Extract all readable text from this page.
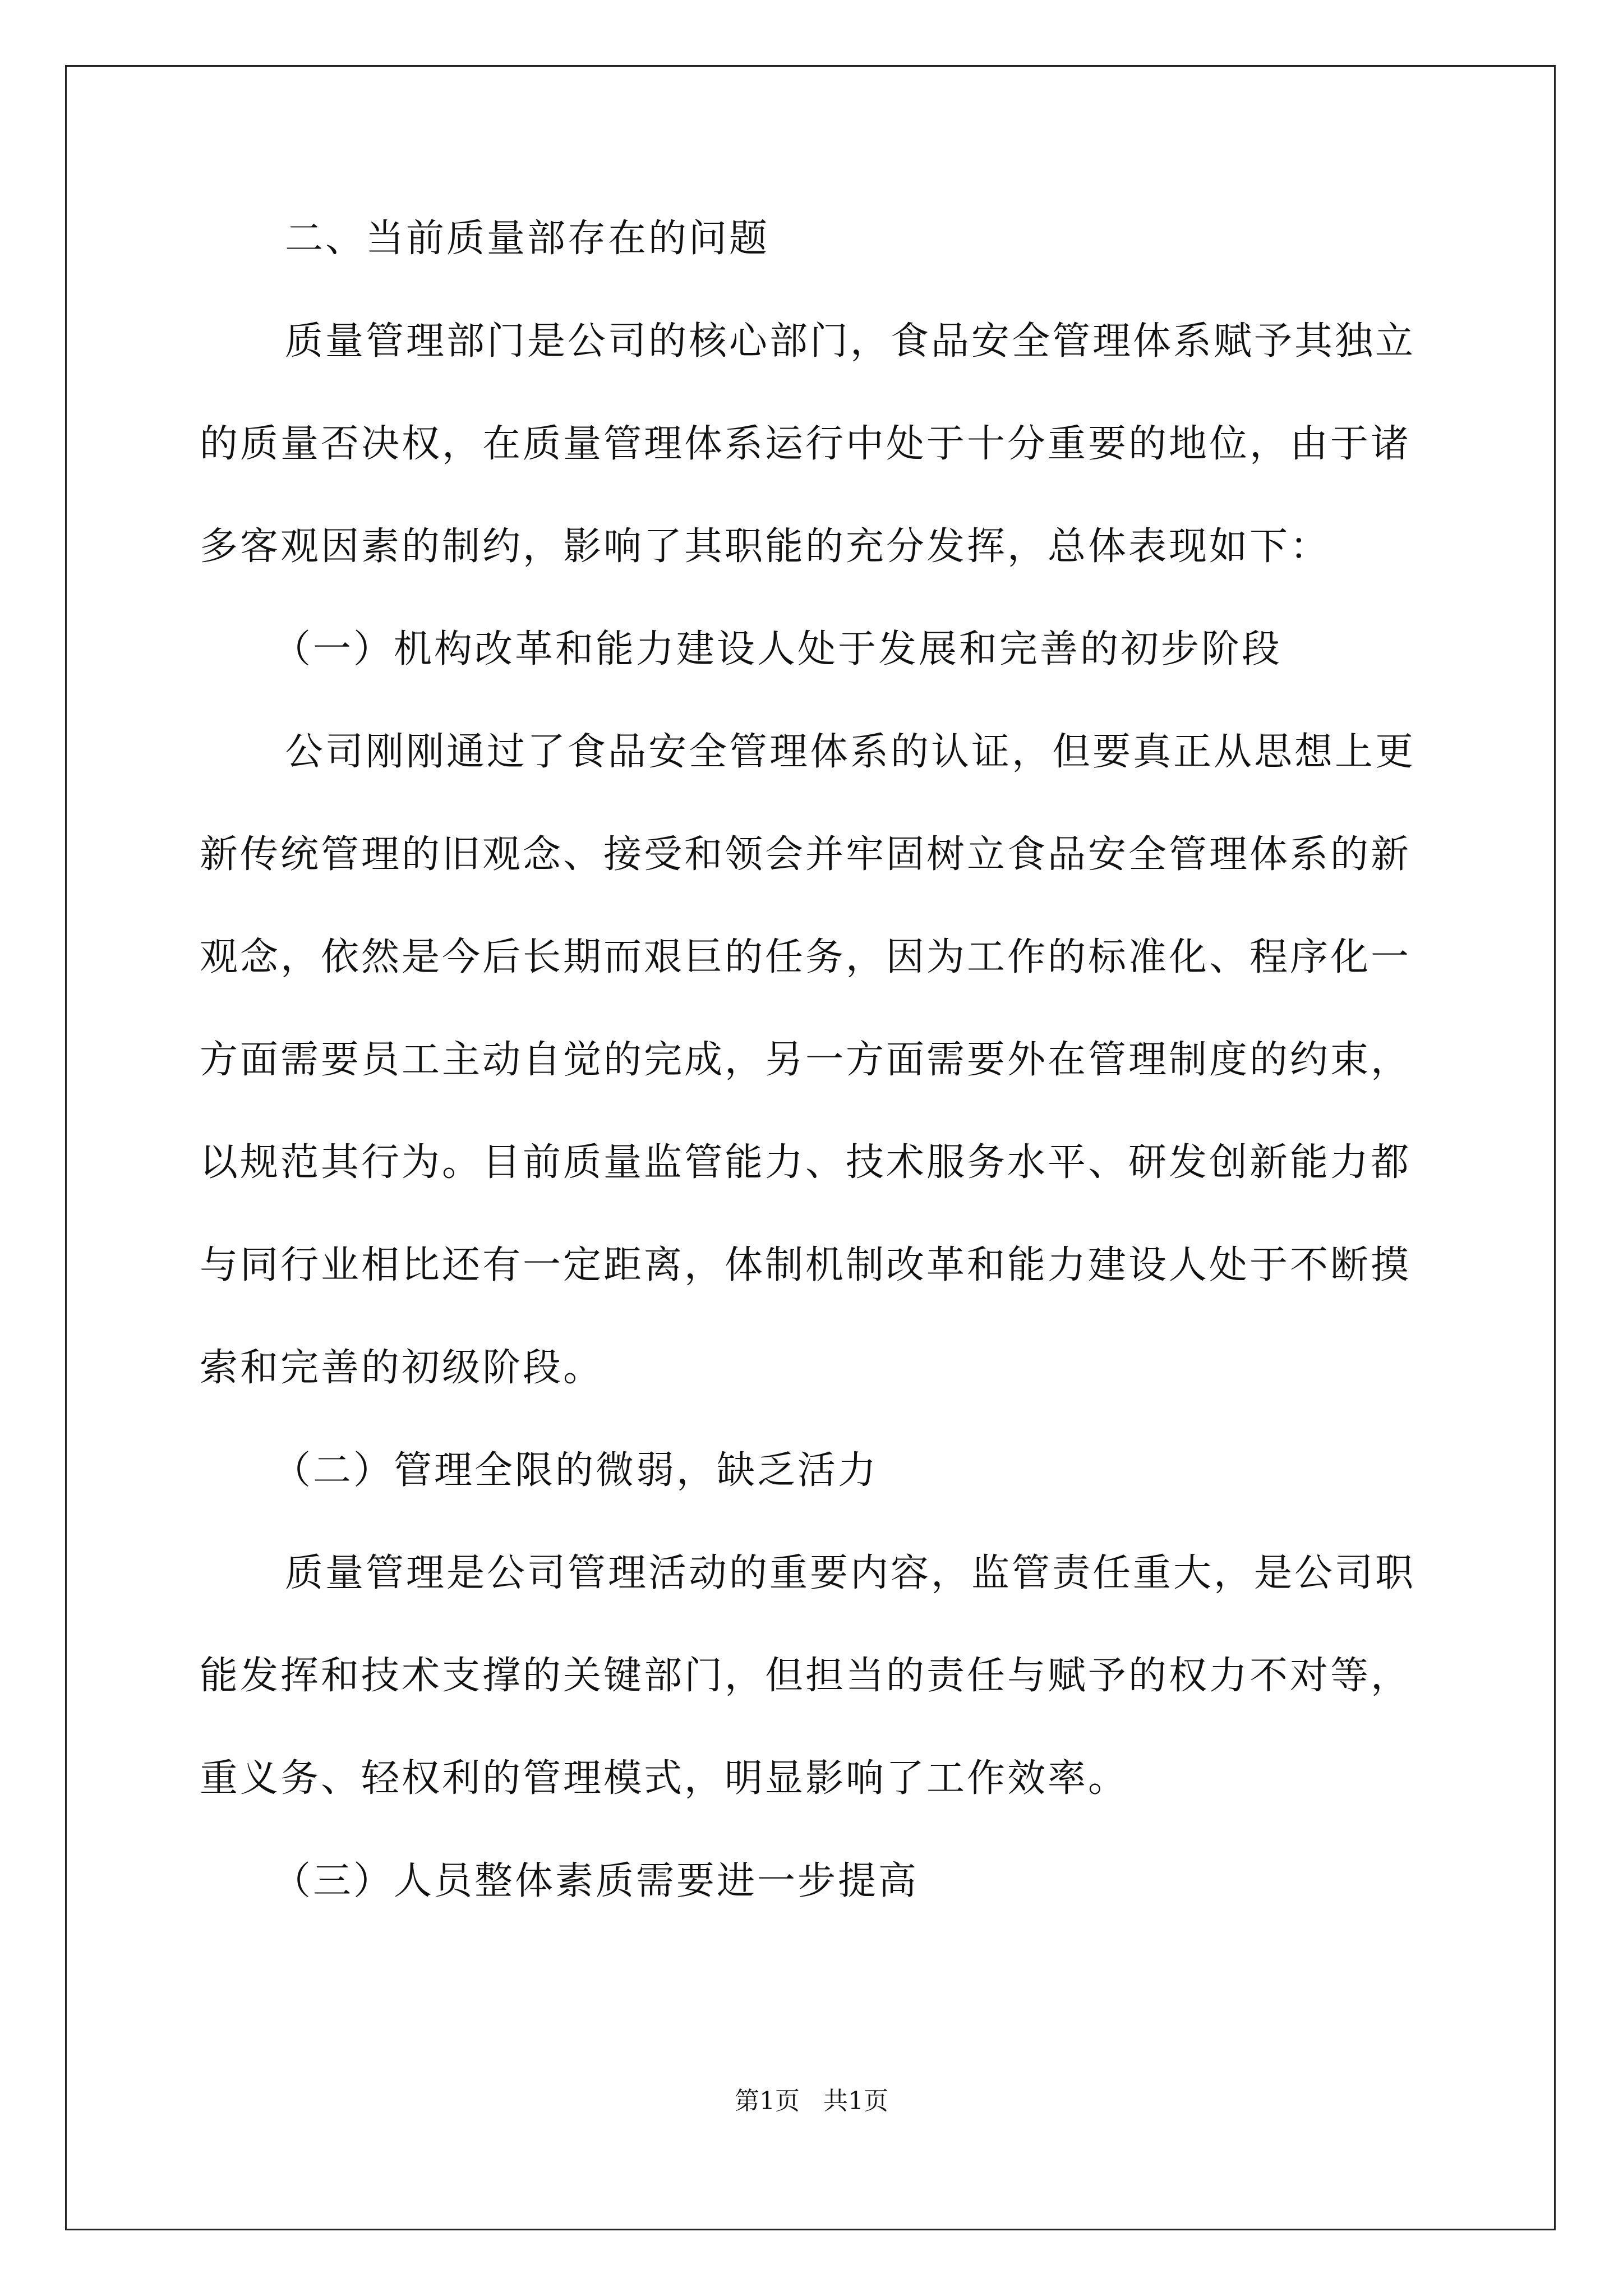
二、当前质量部存在的问题
质量管理部门是公司的核心部门，食品安全管理体系赋予其独立
的质量否决权，在质量管理体系运行中处于十分重要的地位，由于诸
多客观因素的制约，影响了其职能的充分发挥，总体表现如下：
（一）机构改革和能力建设人处于发展和完善的初步阶段
公司刚刚通过了食品安全管理体系的认证，但要真正从思想上更
新传统管理的旧观念、接受和领会并牢固树立食品安全管理体系的新
观念，依然是今后长期而艰巨的任务，因为工作的标准化、程序化一
方面需要员工主动自觉的完成，另一方面需要外在管理制度的约束，
以规范其行为。目前质量监管能力、技术服务水平、研发创新能力都
与同行业相比还有一定距离，体制机制改革和能力建设人处于不断摸
索和完善的初级阶段。
（二）管理全限的微弱，缺乏活力
质量管理是公司管理活动的重要内容，监管责任重大，是公司职
能发挥和技术支撑的关键部门，但担当的责任与赋予的权力不对等，
重义务、轻权利的管理模式，明显影响了工作效率。
（三）人员整体素质需要进一步提高
第1页 共1页
